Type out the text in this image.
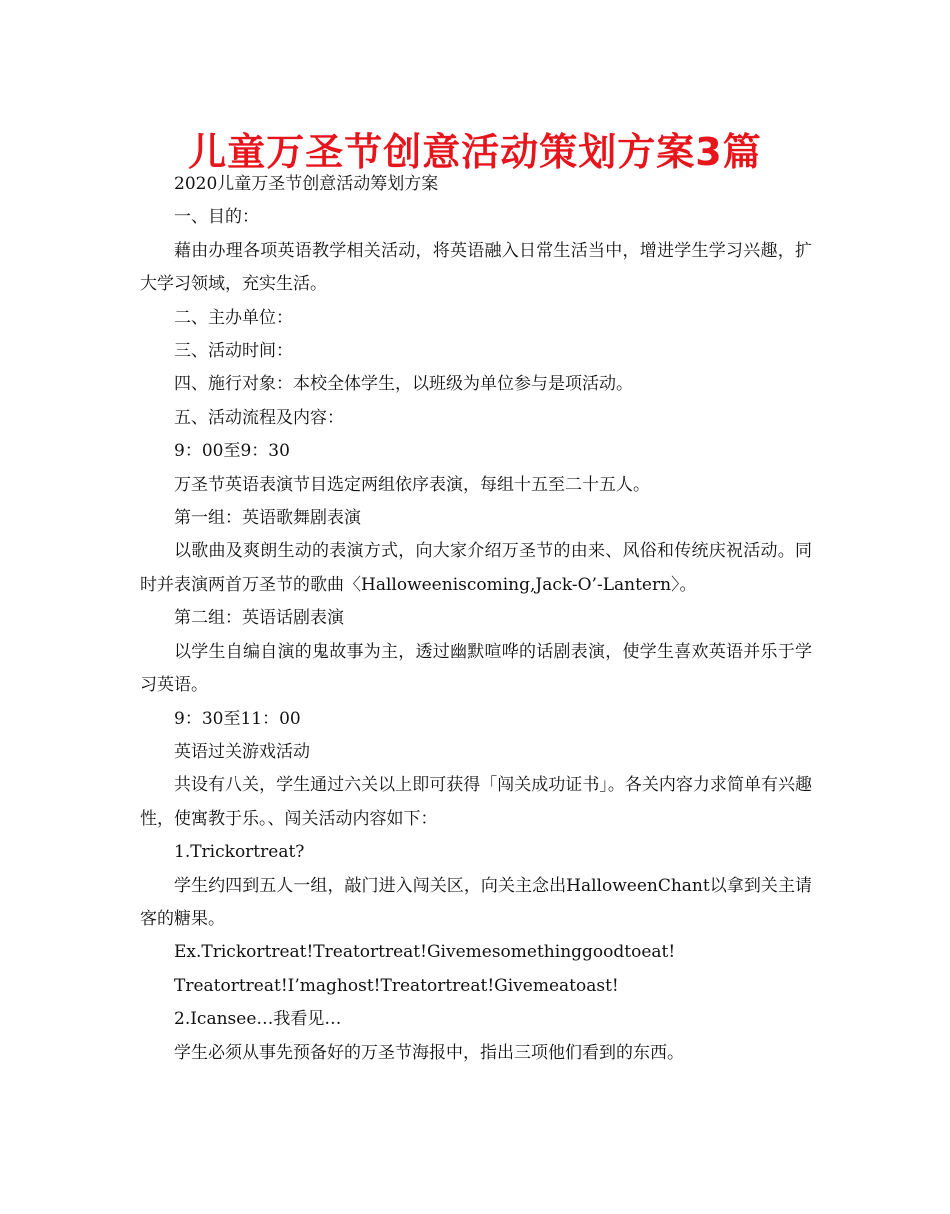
儿童万圣节创意活动策划方案3篇

2020儿童万圣节创意活动筹划方案

一、目的：

藉由办理各项英语教学相关活动，将英语融入日常生活当中，增进学生学习兴趣，扩大学习领域，充实生活。

二、主办单位：

三、活动时间：

四、施行对象：本校全体学生，以班级为单位参与是项活动。

五、活动流程及内容：

9：00至9：30

万圣节英语表演节目选定两组依序表演，每组十五至二十五人。

第一组：英语歌舞剧表演

以歌曲及爽朗生动的表演方式，向大家介绍万圣节的由来、风俗和传统庆祝活动。同时并表演两首万圣节的歌曲〈Halloweeniscoming,Jack-O’-Lantern〉。

第二组：英语话剧表演

以学生自编自演的鬼故事为主，透过幽默喧哗的话剧表演，使学生喜欢英语并乐于学习英语。

9：30至11：00

英语过关游戏活动

共设有八关，学生通过六关以上即可获得「闯关成功证书」。各关内容力求简单有兴趣性，使寓教于乐。、闯关活动内容如下：

1.Trickortreat?

学生约四到五人一组，敲门进入闯关区，向关主念出HalloweenChant以拿到关主请客的糖果。

Ex.Trickortreat!Treatortreat!Givemesomethinggoodtoeat!

Treatortreat!I’maghost!Treatortreat!Givemeatoast!

2.Icansee…我看见…

学生必须从事先预备好的万圣节海报中，指出三项他们看到的东西。
